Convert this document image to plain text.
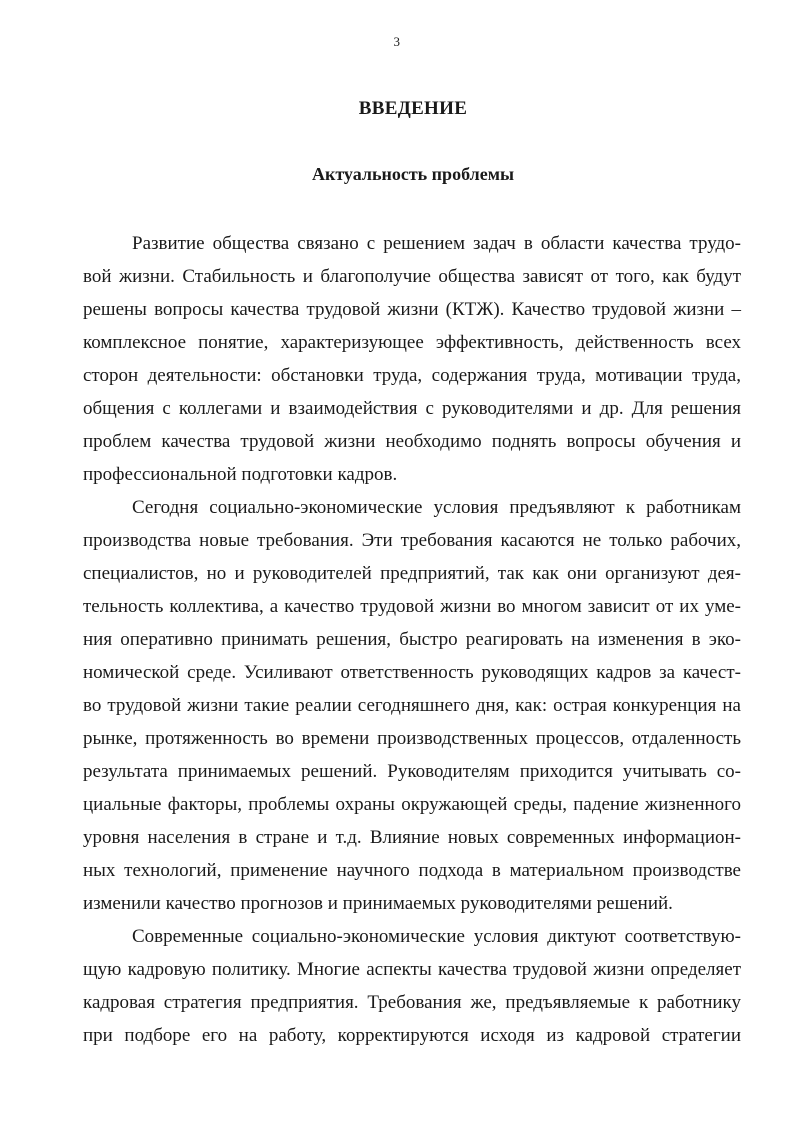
3
ВВЕДЕНИЕ
Актуальность проблемы
Развитие общества связано с решением задач в области качества трудо-
вой жизни. Стабильность и благополучие общества зависят от того, как будут
решены вопросы качества трудовой жизни (КТЖ). Качество трудовой жизни –
комплексное понятие, характеризующее эффективность, действенность всех
сторон деятельности: обстановки труда, содержания труда, мотивации труда,
общения с коллегами и взаимодействия с руководителями и др. Для решения
проблем качества трудовой жизни необходимо поднять вопросы обучения и
профессиональной подготовки кадров.
Сегодня социально-экономические условия предъявляют к работникам
производства новые требования. Эти требования касаются не только рабочих,
специалистов, но и руководителей предприятий, так как они организуют дея-
тельность коллектива, а качество трудовой жизни во многом зависит от их уме-
ния оперативно принимать решения, быстро реагировать на изменения в эко-
номической среде. Усиливают ответственность руководящих кадров за качест-
во трудовой жизни такие реалии сегодняшнего дня, как: острая конкуренция на
рынке, протяженность во времени производственных процессов, отдаленность
результата принимаемых решений. Руководителям приходится учитывать со-
циальные факторы, проблемы охраны окружающей среды, падение жизненного
уровня населения в стране и т.д. Влияние новых современных информацион-
ных технологий, применение научного подхода в материальном производстве
изменили качество прогнозов и принимаемых руководителями решений.
Современные социально-экономические условия диктуют соответствую-
щую кадровую политику. Многие аспекты качества трудовой жизни определяет
кадровая стратегия предприятия. Требования же, предъявляемые к работнику
при подборе его на работу, корректируются исходя из кадровой стратегии
